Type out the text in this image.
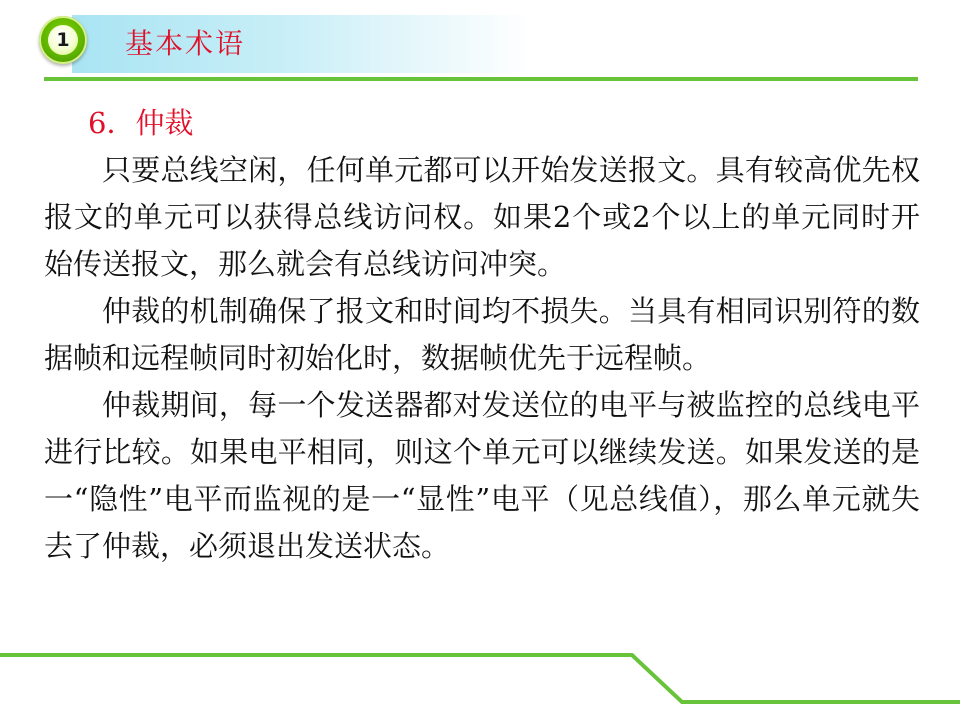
1 基本术语

6．仲裁

只要总线空闲，任何单元都可以开始发送报文。具有较高优先权报文的单元可以获得总线访问权。如果2个或2个以上的单元同时开始传送报文，那么就会有总线访问冲突。

仲裁的机制确保了报文和时间均不损失。当具有相同识别符的数据帧和远程帧同时初始化时，数据帧优先于远程帧。

仲裁期间，每一个发送器都对发送位的电平与被监控的总线电平进行比较。如果电平相同，则这个单元可以继续发送。如果发送的是一“隐性”电平而监视的是一“显性”电平（见总线值），那么单元就失去了仲裁，必须退出发送状态。
